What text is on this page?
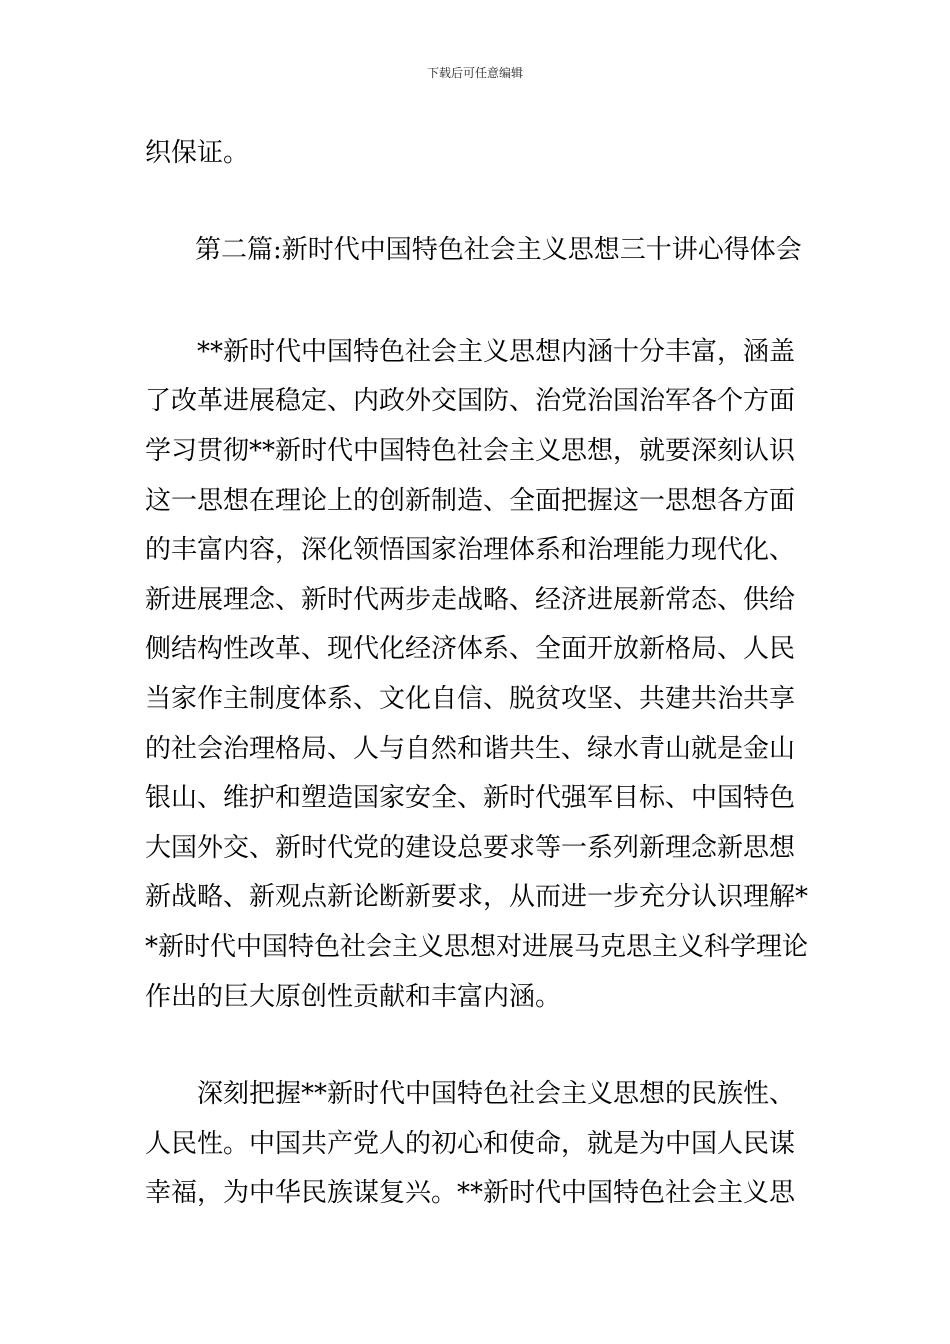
下载后可任意编辑
织保证。
第二篇:新时代中国特色社会主义思想三十讲心得体会
**新时代中国特色社会主义思想内涵十分丰富，涵盖
了改革进展稳定、内政外交国防、治党治国治军各个方面
学习贯彻**新时代中国特色社会主义思想，就要深刻认识
这一思想在理论上的创新制造、全面把握这一思想各方面
的丰富内容，深化领悟国家治理体系和治理能力现代化、
新进展理念、新时代两步走战略、经济进展新常态、供给
侧结构性改革、现代化经济体系、全面开放新格局、人民
当家作主制度体系、文化自信、脱贫攻坚、共建共治共享
的社会治理格局、人与自然和谐共生、绿水青山就是金山
银山、维护和塑造国家安全、新时代强军目标、中国特色
大国外交、新时代党的建设总要求等一系列新理念新思想
新战略、新观点新论断新要求，从而进一步充分认识理解*
*新时代中国特色社会主义思想对进展马克思主义科学理论
作出的巨大原创性贡献和丰富内涵。
深刻把握**新时代中国特色社会主义思想的民族性、
人民性。中国共产党人的初心和使命，就是为中国人民谋
幸福，为中华民族谋复兴。**新时代中国特色社会主义思
